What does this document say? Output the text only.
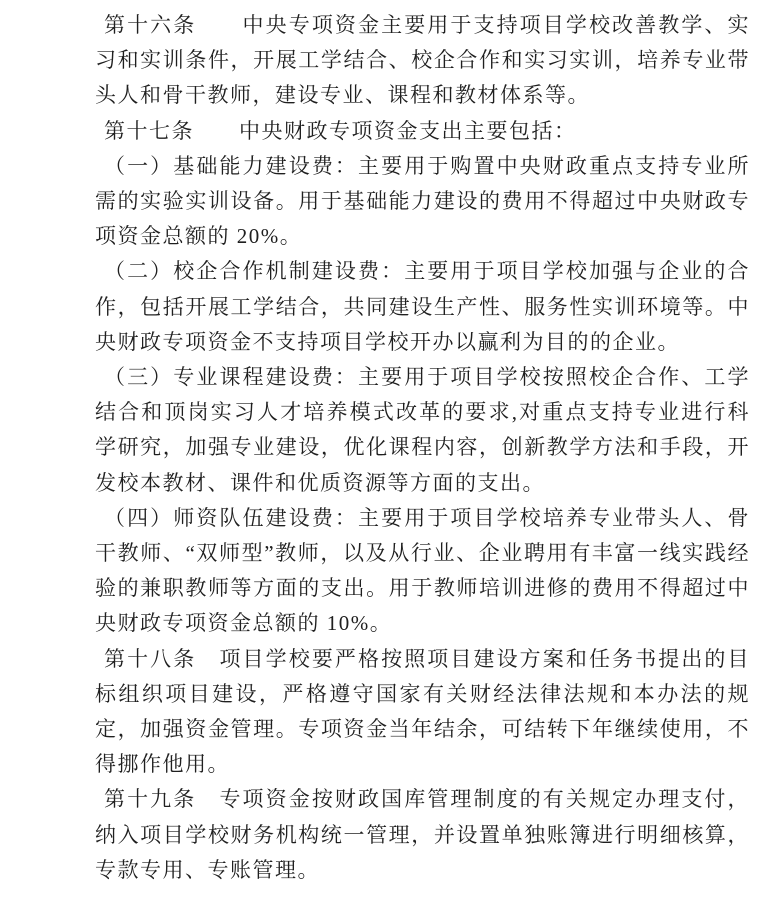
第十六条　　中央专项资金主要用于支持项目学校改善教学、实习和实训条件，开展工学结合、校企合作和实习实训，培养专业带头人和骨干教师，建设专业、课程和教材体系等。

第十七条　　中央财政专项资金支出主要包括：

（一）基础能力建设费：主要用于购置中央财政重点支持专业所需的实验实训设备。用于基础能力建设的费用不得超过中央财政专项资金总额的 20%。

（二）校企合作机制建设费：主要用于项目学校加强与企业的合作，包括开展工学结合，共同建设生产性、服务性实训环境等。中央财政专项资金不支持项目学校开办以赢利为目的的企业。

（三）专业课程建设费：主要用于项目学校按照校企合作、工学结合和顶岗实习人才培养模式改革的要求,对重点支持专业进行科学研究，加强专业建设，优化课程内容，创新教学方法和手段，开发校本教材、课件和优质资源等方面的支出。

（四）师资队伍建设费：主要用于项目学校培养专业带头人、骨干教师、“双师型”教师，以及从行业、企业聘用有丰富一线实践经验的兼职教师等方面的支出。用于教师培训进修的费用不得超过中央财政专项资金总额的 10%。

第十八条　项目学校要严格按照项目建设方案和任务书提出的目标组织项目建设，严格遵守国家有关财经法律法规和本办法的规定，加强资金管理。专项资金当年结余，可结转下年继续使用，不得挪作他用。

第十九条　专项资金按财政国库管理制度的有关规定办理支付，纳入项目学校财务机构统一管理，并设置单独账簿进行明细核算，专款专用、专账管理。
